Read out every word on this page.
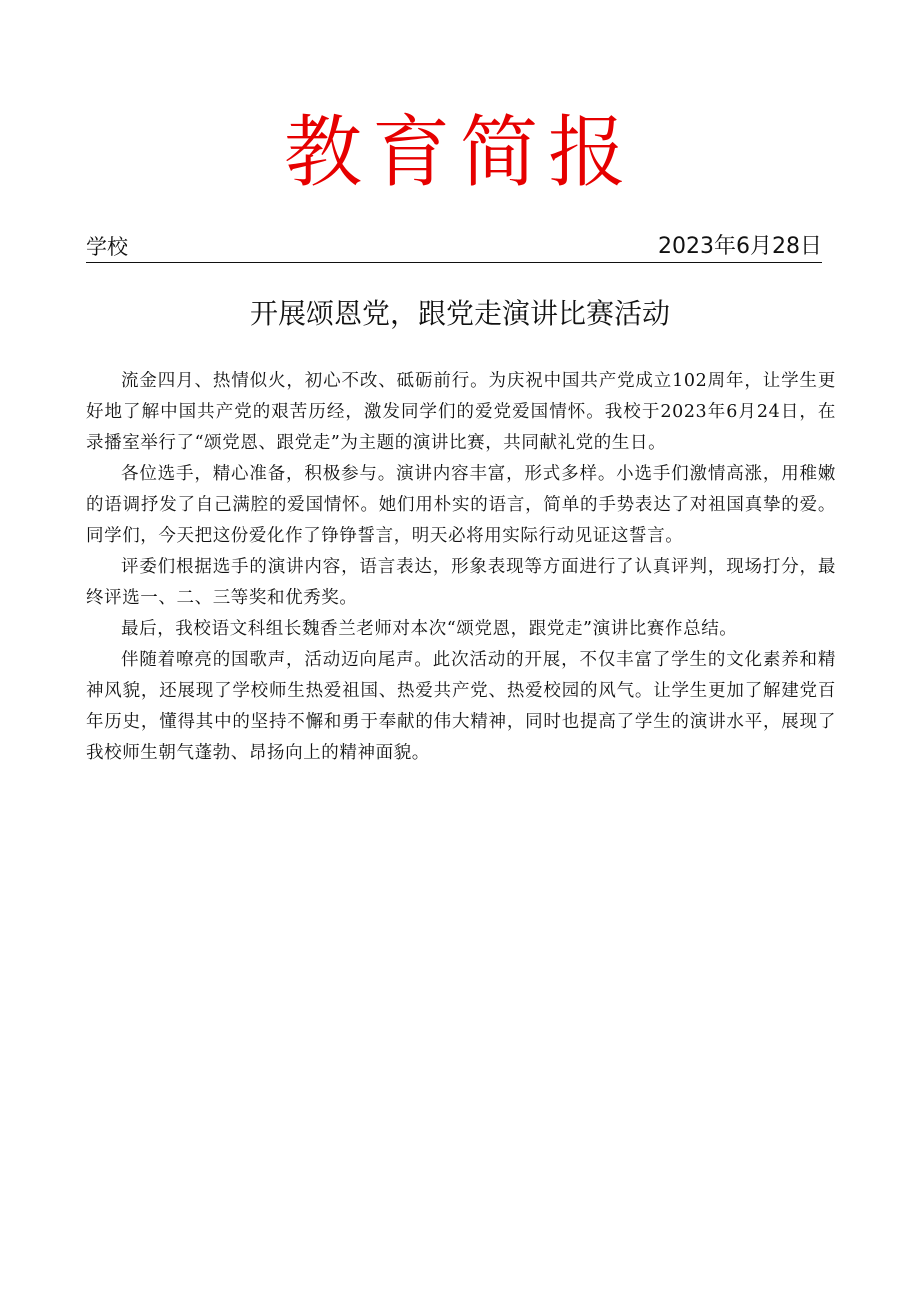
教育简报
学校	2023年6月28日
开展颂恩党，跟党走演讲比赛活动

流金四月、热情似火，初心不改、砥砺前行。为庆祝中国共产党成立102周年，让学生更好地了解中国共产党的艰苦历经，激发同学们的爱党爱国情怀。我校于2023年6月24日，在录播室举行了“颂党恩、跟党走”为主题的演讲比赛，共同献礼党的生日。

各位选手，精心准备，积极参与。演讲内容丰富，形式多样。小选手们激情高涨，用稚嫩的语调抒发了自己满腔的爱国情怀。她们用朴实的语言，简单的手势表达了对祖国真挚的爱。同学们，今天把这份爱化作了铮铮誓言，明天必将用实际行动见证这誓言。

评委们根据选手的演讲内容，语言表达，形象表现等方面进行了认真评判，现场打分，最终评选一、二、三等奖和优秀奖。

最后，我校语文科组长魏香兰老师对本次“颂党恩，跟党走”演讲比赛作总结。

伴随着嘹亮的国歌声，活动迈向尾声。此次活动的开展，不仅丰富了学生的文化素养和精神风貌，还展现了学校师生热爱祖国、热爱共产党、热爱校园的风气。让学生更加了解建党百年历史，懂得其中的坚持不懈和勇于奉献的伟大精神，同时也提高了学生的演讲水平，展现了我校师生朝气蓬勃、昂扬向上的精神面貌。
